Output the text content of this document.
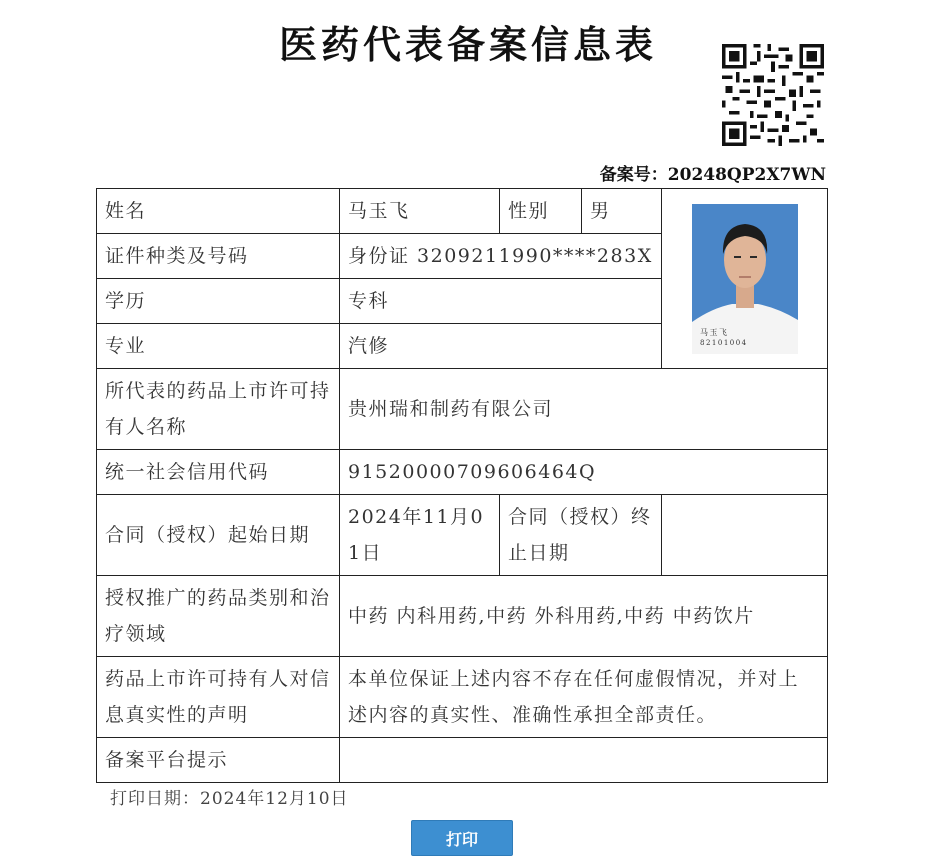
医药代表备案信息表
备案号：20248QP2X7WN
姓名	马玉飞	性别	男	马玉飞
82101004

证件种类及号码	身份证 3209211990****283X			
学历	专科			
专业	汽修			
所代表的药品上市许可持有人名称	贵州瑞和制药有限公司			
统一社会信用代码	91520000709606464Q			
合同（授权）起始日期	2024年11月01日	合同（授权）终止日期		
授权推广的药品类别和治疗领域	中药 内科用药,中药 外科用药,中药 中药饮片			
药品上市许可持有人对信息真实性的声明	本单位保证上述内容不存在任何虚假情况，并对上述内容的真实性、准确性承担全部责任。			
备案平台提示				
打印日期：2024年12月10日
打印
